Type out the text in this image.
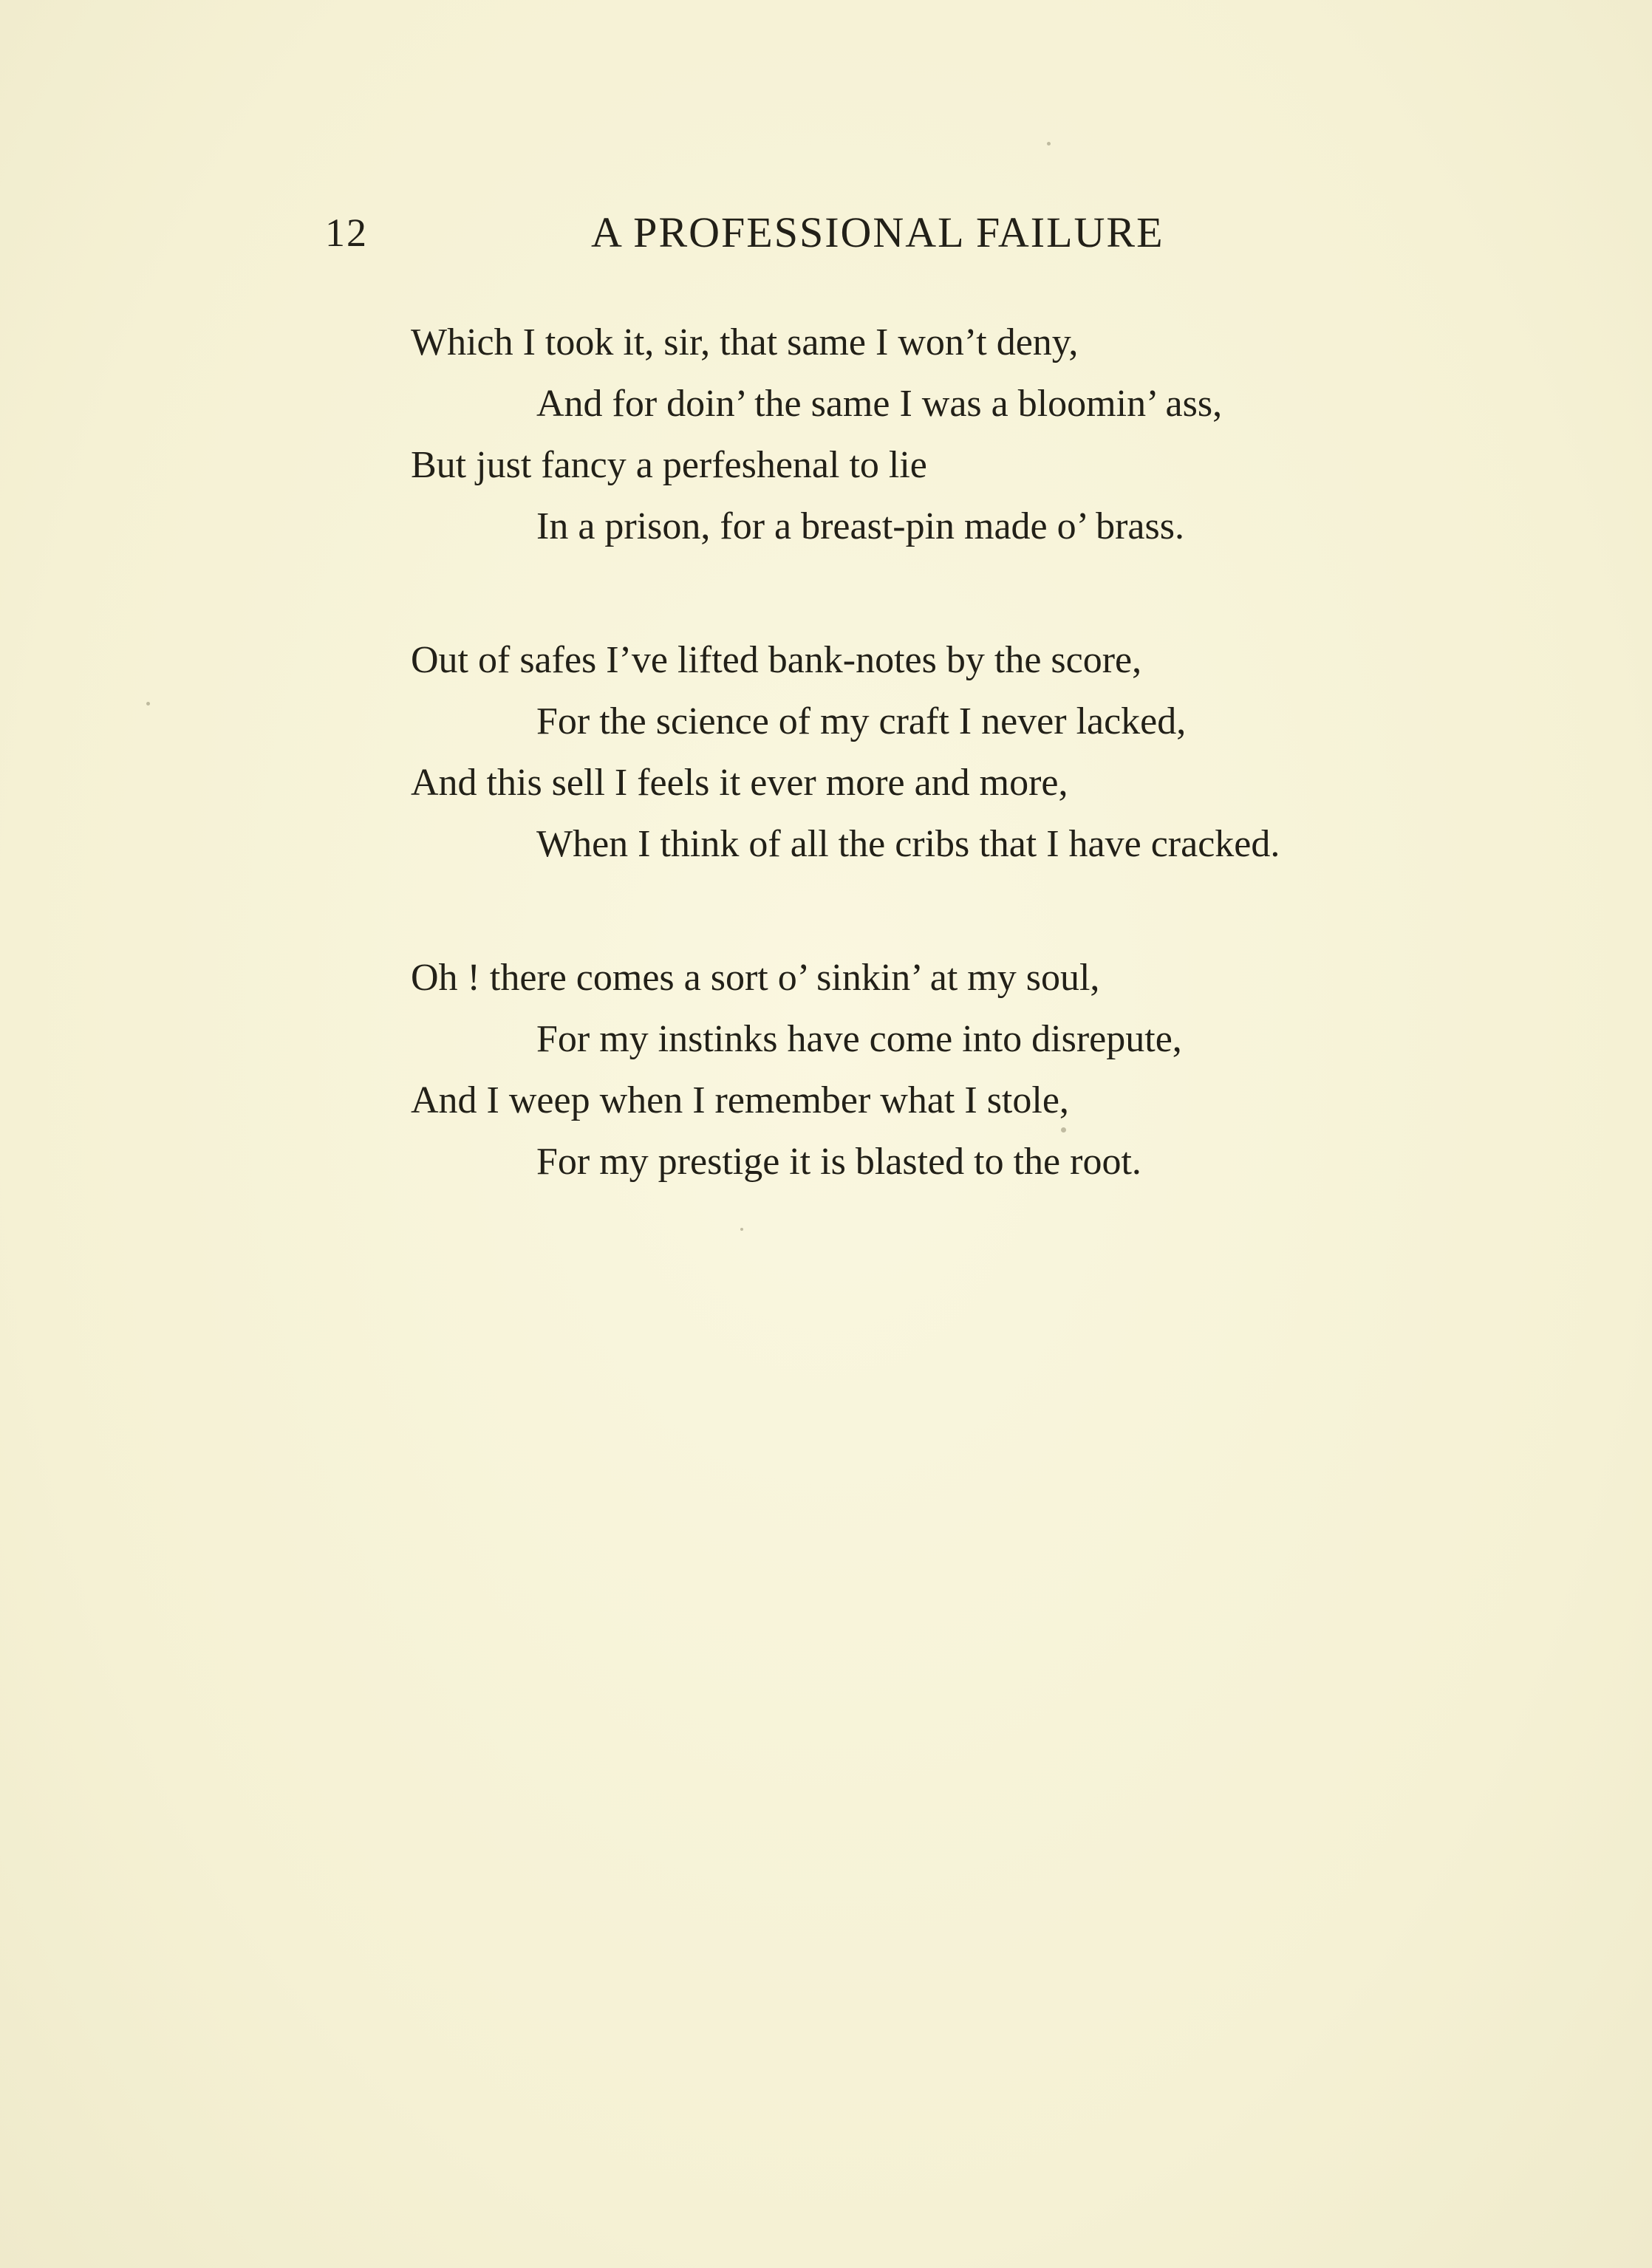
12	A PROFESSIONAL FAILURE
Which I took it, sir, that same I won’t deny,
And for doin’ the same I was a bloomin’ ass,
But just fancy a perfeshenal to lie
In a prison, for a breast-pin made o’ brass.
Out of safes I’ve lifted bank-notes by the score,
For the science of my craft I never lacked,
And this sell I feels it ever more and more,
When I think of all the cribs that I have cracked.
Oh ! there comes a sort o’ sinkin’ at my soul,
For my instinks have come into disrepute,
And I weep when I remember what I stole,
For my prestige it is blasted to the root.
